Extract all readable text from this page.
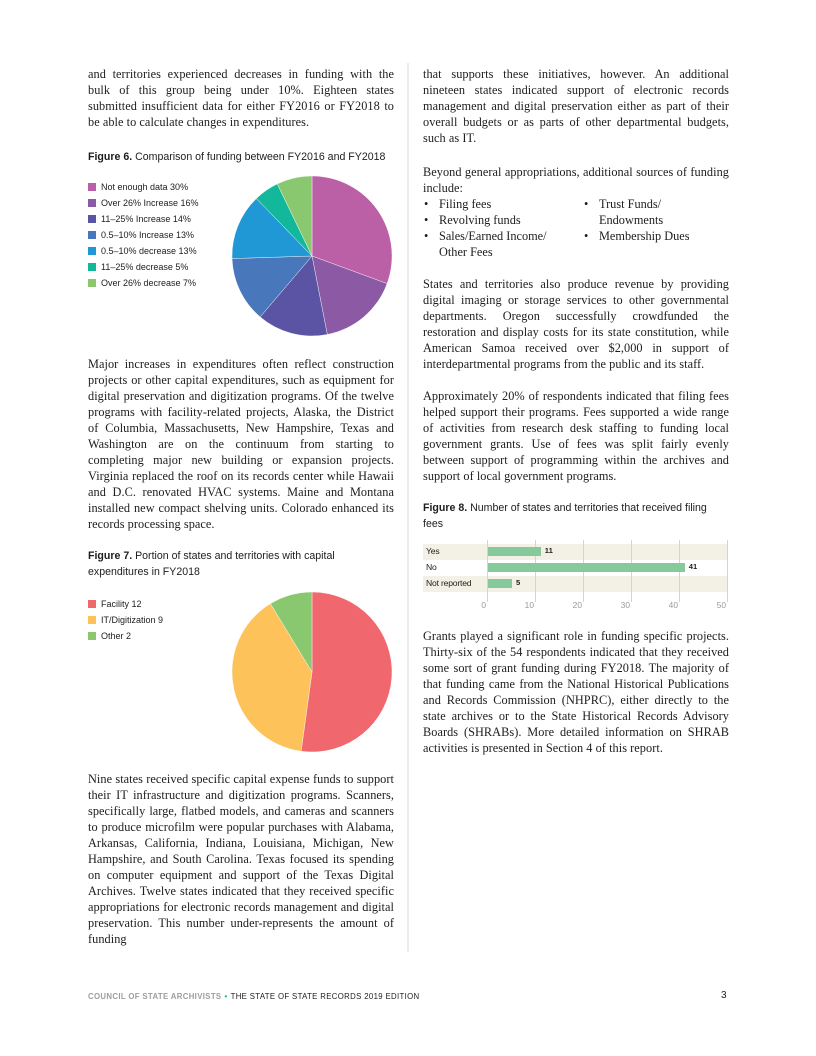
and territories experienced decreases in funding with the bulk of this group being under 10%. Eighteen states submitted insufficient data for either FY2016 or FY2018 to be able to calculate changes in expenditures.

Figure 6. Comparison of funding between FY2016 and FY2018
Not enough data 30%
Over 26% Increase 16%
11–25% Increase 14%
0.5–10% Increase 13%
0.5–10% decrease 13%
11–25% decrease 5%
Over 26% decrease 7%

Major increases in expenditures often reflect construction projects or other capital expenditures, such as equipment for digital preservation and digitization programs. Of the twelve programs with facility-related projects, Alaska, the District of Columbia, Massachusetts, New Hampshire, Texas and Washington are on the continuum from starting to completing major new building or expansion projects. Virginia replaced the roof on its records center while Hawaii and D.C. renovated HVAC systems. Maine and Montana installed new compact shelving units. Colorado enhanced its records processing space.

Figure 7. Portion of states and territories with capital expenditures in FY2018
Facility 12
IT/Digitization 9
Other 2

Nine states received specific capital expense funds to support their IT infrastructure and digitization programs. Scanners, specifically large, flatbed models, and cameras and scanners to produce microfilm were popular purchases with Alabama, Arkansas, California, Indiana, Louisiana, Michigan, New Hampshire, and South Carolina. Texas focused its spending on computer equipment and support of the Texas Digital Archives. Twelve states indicated that they received specific appropriations for electronic records management and digital preservation. This number under-represents the amount of funding

that supports these initiatives, however. An additional nineteen states indicated support of electronic records management and digital preservation either as part of their overall budgets or as parts of other departmental budgets, such as IT.

Beyond general appropriations, additional sources of funding include:

• Filing fees
• Revolving funds
• Sales/Earned Income/ Other Fees
• Trust Funds/ Endowments
• Membership Dues

States and territories also produce revenue by providing digital imaging or storage services to other governmental departments. Oregon successfully crowdfunded the restoration and display costs for its state constitution, while American Samoa received over $2,000 in support of interdepartmental programs from the public and its staff.

Approximately 20% of respondents indicated that filing fees helped support their programs. Fees supported a wide range of activities from research desk staffing to funding local government grants. Use of fees was split fairly evenly between support of programming within the archives and support of local government programs.

Figure 8. Number of states and territories that received filing fees
0	10	20	30	40	50
Yes	11
No	41
Not reported	5

Grants played a significant role in funding specific projects. Thirty-six of the 54 respondents indicated that they received some sort of grant funding during FY2018. The majority of that funding came from the National Historical Publications and Records Commission (NHPRC), either directly to the state archives or to the State Historical Records Advisory Boards (SHRABs). More detailed information on SHRAB activities is presented in Section 4 of this report.

COUNCIL OF STATE ARCHIVISTS • THE STATE OF STATE RECORDS 2019 EDITION	3
